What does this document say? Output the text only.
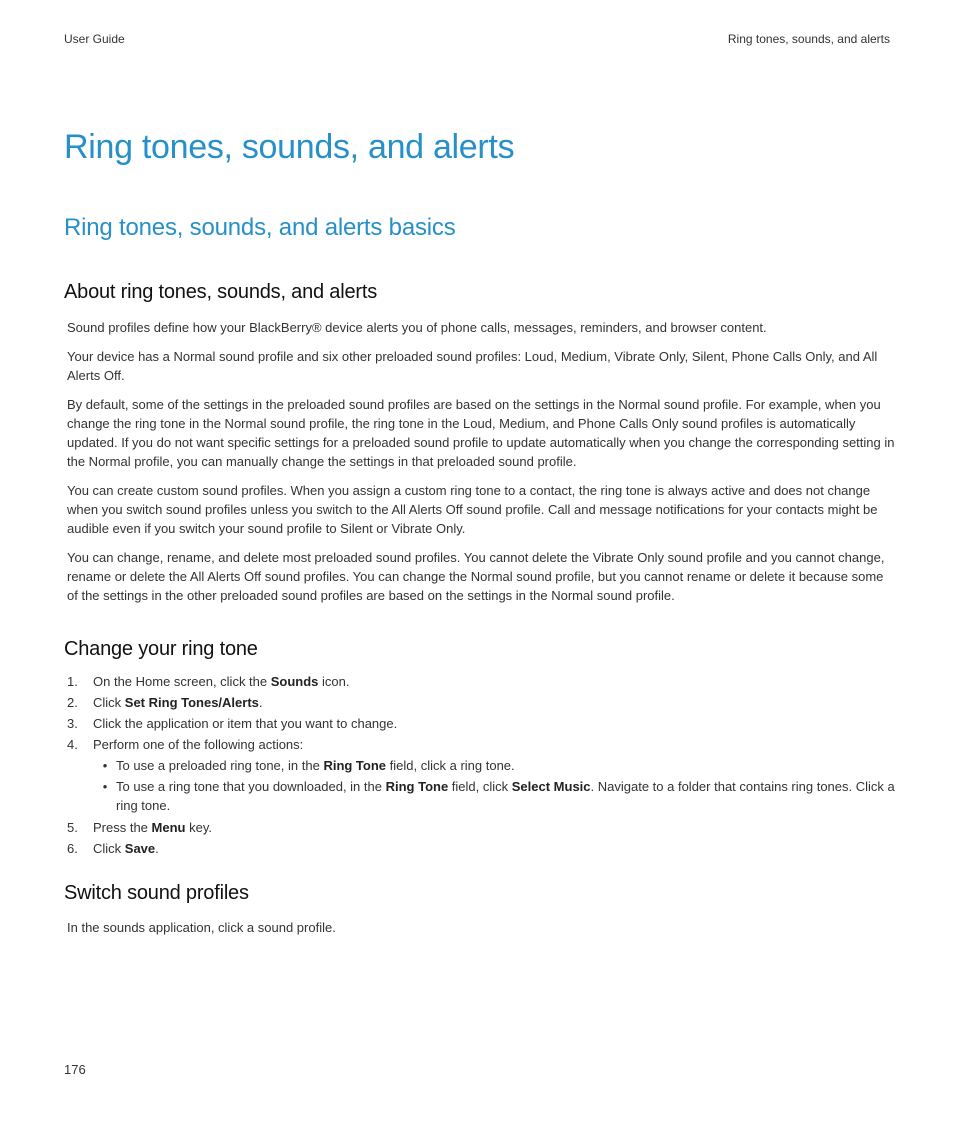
User Guide	Ring tones, sounds, and alerts
Ring tones, sounds, and alerts
Ring tones, sounds, and alerts basics
About ring tones, sounds, and alerts

Sound profiles define how your BlackBerry® device alerts you of phone calls, messages, reminders, and browser content.

Your device has a Normal sound profile and six other preloaded sound profiles: Loud, Medium, Vibrate Only, Silent, Phone Calls Only, and All Alerts Off.

By default, some of the settings in the preloaded sound profiles are based on the settings in the Normal sound profile. For example, when you change the ring tone in the Normal sound profile, the ring tone in the Loud, Medium, and Phone Calls Only sound profiles is automatically updated. If you do not want specific settings for a preloaded sound profile to update automatically when you change the corresponding setting in the Normal profile, you can manually change the settings in that preloaded sound profile.

You can create custom sound profiles. When you assign a custom ring tone to a contact, the ring tone is always active and does not change when you switch sound profiles unless you switch to the All Alerts Off sound profile. Call and message notifications for your contacts might be audible even if you switch your sound profile to Silent or Vibrate Only.

You can change, rename, and delete most preloaded sound profiles. You cannot delete the Vibrate Only sound profile and you cannot change, rename or delete the All Alerts Off sound profiles. You can change the Normal sound profile, but you cannot rename or delete it because some of the settings in the other preloaded sound profiles are based on the settings in the Normal sound profile.

Change your ring tone
1.	On the Home screen, click the Sounds icon.
2.	Click Set Ring Tones/Alerts.
3.	Click the application or item that you want to change.
4.	Perform one of the following actions:
• To use a preloaded ring tone, in the Ring Tone field, click a ring tone.
• To use a ring tone that you downloaded, in the Ring Tone field, click Select Music. Navigate to a folder that contains ring tones. Click a ring tone.
5.	Press the Menu key.
6.	Click Save.
Switch sound profiles

In the sounds application, click a sound profile.

176
